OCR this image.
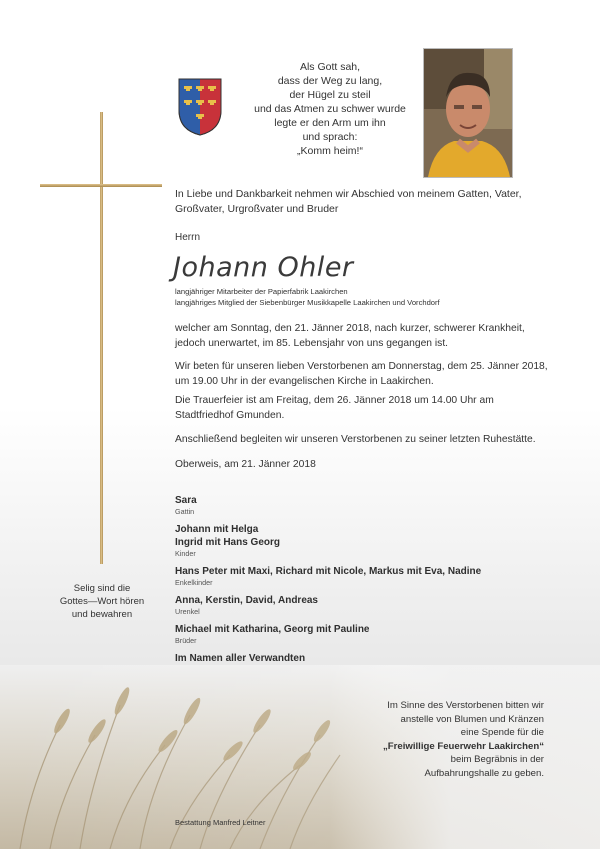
Als Gott sah,
dass der Weg zu lang,
der Hügel zu steil
und das Atmen zu schwer wurde
legte er den Arm um ihn
und sprach:
„Komm heim!“
In Liebe und Dankbarkeit nehmen wir Abschied von meinem Gatten, Vater, Großvater, Urgroßvater und Bruder
Herrn
Johann Ohler
langjähriger Mitarbeiter der Papierfabrik Laakirchen
langjähriges Mitglied der Siebenbürger Musikkapelle Laakirchen und Vorchdorf
welcher am Sonntag, den 21. Jänner 2018, nach kurzer, schwerer Krankheit, jedoch unerwartet, im 85. Lebensjahr von uns gegangen ist.
Wir beten für unseren lieben Verstorbenen am Donnerstag, dem 25. Jänner 2018, um 19.00 Uhr in der evangelischen Kirche in Laakirchen.
Die Trauerfeier ist am Freitag, dem 26. Jänner 2018 um 14.00 Uhr am Stadtfriedhof Gmunden.
Anschließend begleiten wir unseren Verstorbenen zu seiner letzten Ruhestätte.
Oberweis, am 21. Jänner 2018
Sara
Gattin
Johann mit Helga
Ingrid mit Hans Georg
Kinder
Hans Peter mit Maxi, Richard mit Nicole, Markus mit Eva, Nadine
Enkelkinder
Anna, Kerstin, David, Andreas
Urenkel
Michael mit Katharina, Georg mit Pauline
Brüder
Im Namen aller Verwandten
Selig sind die
Gottes—Wort hören
und bewahren
Im Sinne des Verstorbenen bitten wir
anstelle von Blumen und Kränzen
eine Spende für die
„Freiwillige Feuerwehr Laakirchen“
beim Begräbnis in der
Aufbahrungshalle zu geben.
Bestattung Manfred Leitner
